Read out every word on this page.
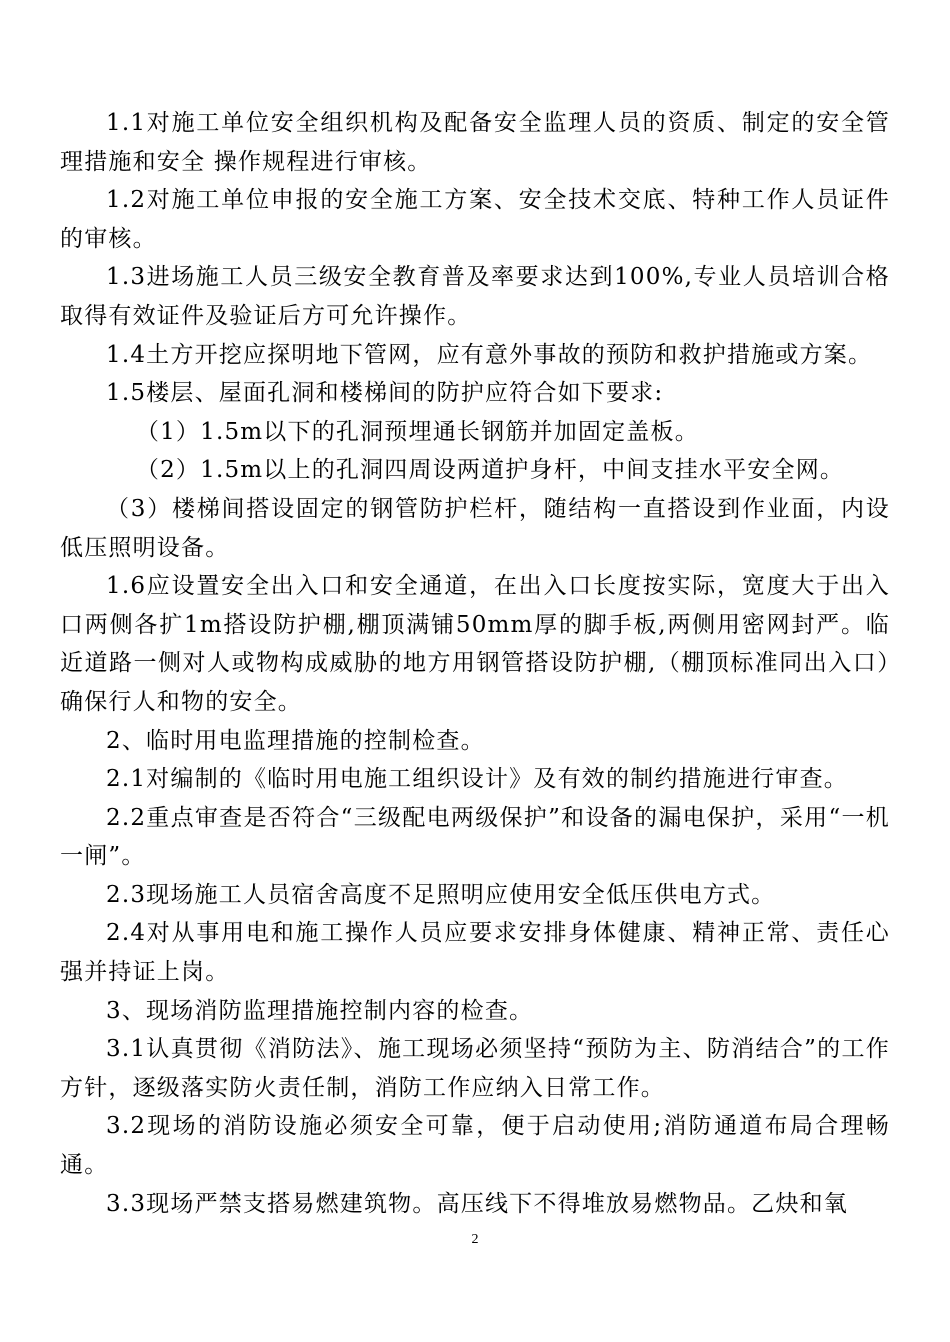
1.1对施工单位安全组织机构及配备安全监理人员的资质、制定的安全管理措施和安全 操作规程进行审核。

1.2对施工单位申报的安全施工方案、安全技术交底、特种工作人员证件的审核。

1.3进场施工人员三级安全教育普及率要求达到100%,专业人员培训合格取得有效证件及验证后方可允许操作。

1.4土方开挖应探明地下管网，应有意外事故的预防和救护措施或方案。

1.5楼层、屋面孔洞和楼梯间的防护应符合如下要求:

（1）1.5m以下的孔洞预埋通长钢筋并加固定盖板。

（2）1.5m以上的孔洞四周设两道护身杆，中间支挂水平安全网。

（3）楼梯间搭设固定的钢管防护栏杆，随结构一直搭设到作业面，内设低压照明设备。

1.6应设置安全出入口和安全通道，在出入口长度按实际，宽度大于出入口两侧各扩1m搭设防护棚,棚顶满铺50mm厚的脚手板,两侧用密网封严。临近道路一侧对人或物构成威胁的地方用钢管搭设防护棚,（棚顶标准同出入口）确保行人和物的安全。

2、临时用电监理措施的控制检查。

2.1对编制的《临时用电施工组织设计》及有效的制约措施进行审查。

2.2重点审查是否符合“三级配电两级保护”和设备的漏电保护，采用“一机一闸”。

2.3现场施工人员宿舍高度不足照明应使用安全低压供电方式。

2.4对从事用电和施工操作人员应要求安排身体健康、精神正常、责任心强并持证上岗。

3、现场消防监理措施控制内容的检查。

3.1认真贯彻《消防法》、施工现场必须坚持“预防为主、防消结合”的工作方针，逐级落实防火责任制，消防工作应纳入日常工作。

3.2现场的消防设施必须安全可靠，便于启动使用;消防通道布局合理畅通。

3.3现场严禁支搭易燃建筑物。高压线下不得堆放易燃物品。乙炔和氧

2
